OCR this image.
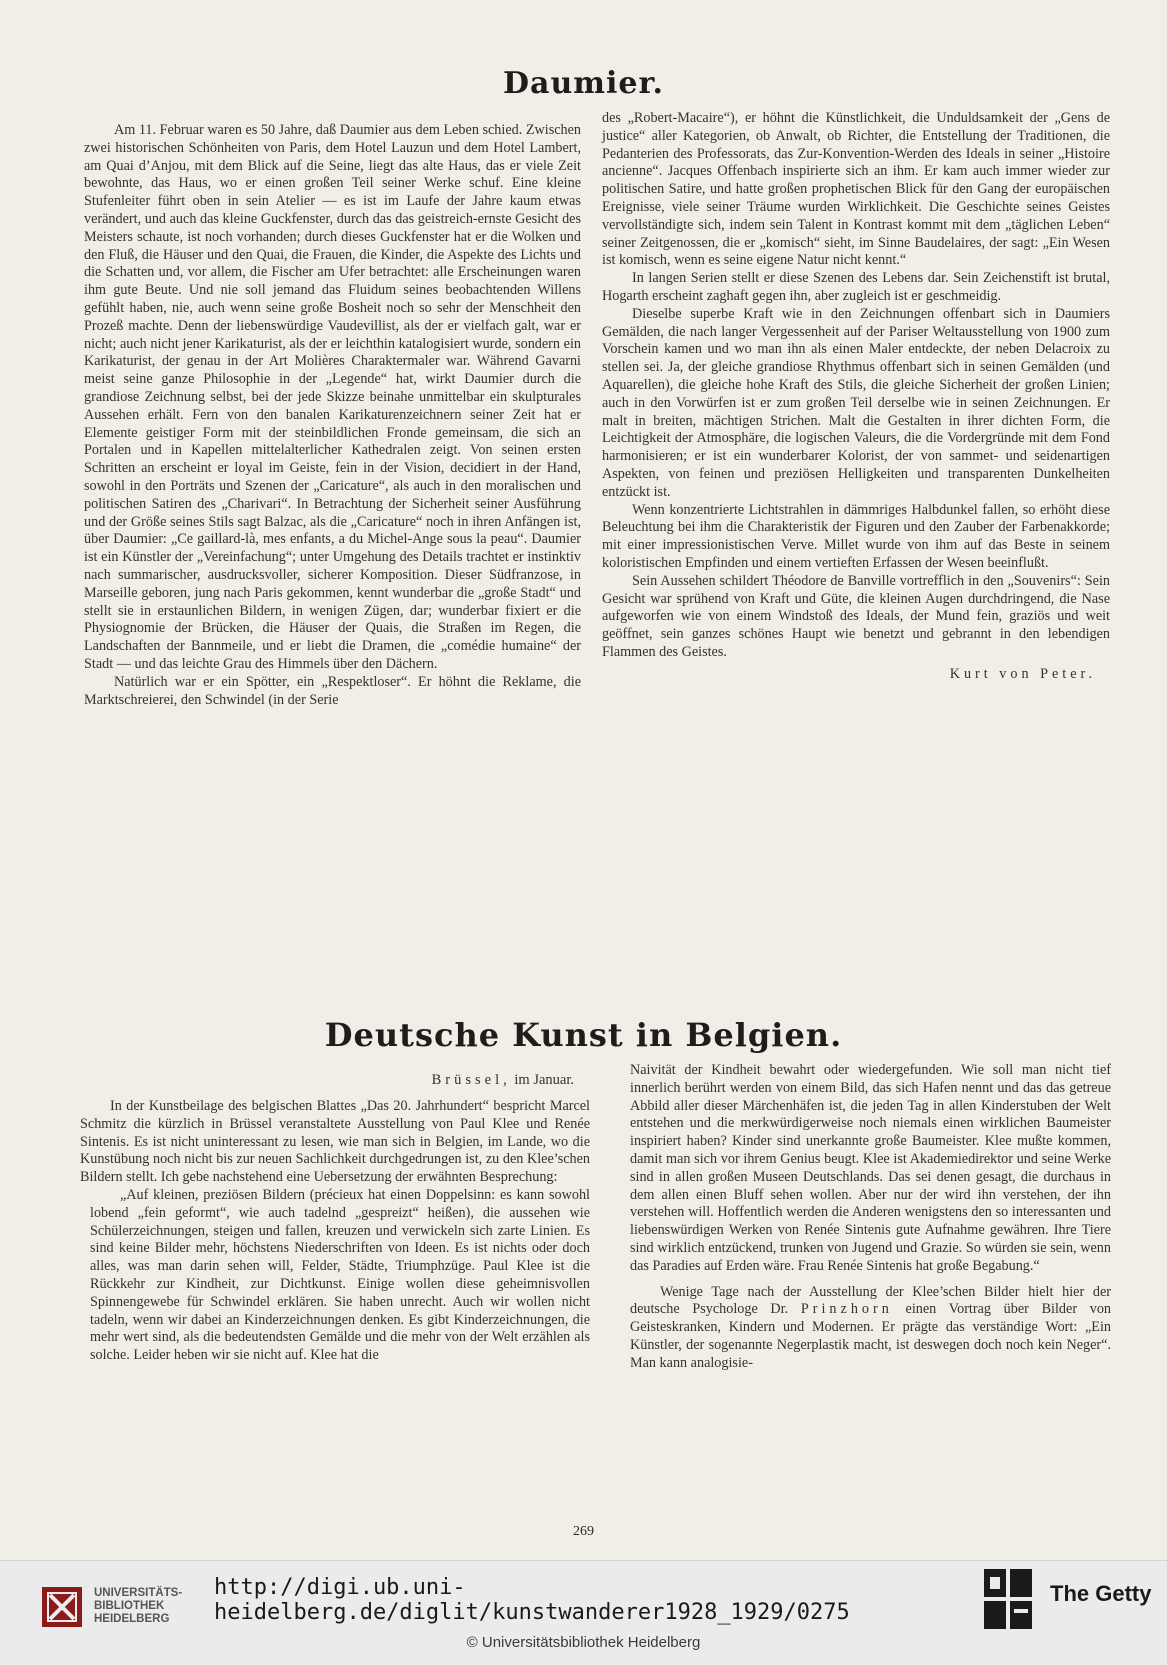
Daumier.

Am 11. Februar waren es 50 Jahre, daß Daumier aus dem Leben schied. Zwischen zwei historischen Schönheiten von Paris, dem Hotel Lauzun und dem Hotel Lambert, am Quai d’Anjou, mit dem Blick auf die Seine, liegt das alte Haus, das er viele Zeit bewohnte, das Haus, wo er einen großen Teil seiner Werke schuf. Eine kleine Stufenleiter führt oben in sein Atelier — es ist im Laufe der Jahre kaum etwas verändert, und auch das kleine Guckfenster, durch das das geistreich-ernste Gesicht des Meisters schaute, ist noch vorhanden; durch dieses Guckfenster hat er die Wolken und den Fluß, die Häuser und den Quai, die Frauen, die Kinder, die Aspekte des Lichts und die Schatten und, vor allem, die Fischer am Ufer betrachtet: alle Erscheinungen waren ihm gute Beute. Und nie soll jemand das Fluidum seines beobachtenden Willens gefühlt haben, nie, auch wenn seine große Bosheit noch so sehr der Menschheit den Prozeß machte. Denn der liebenswürdige Vaudevillist, als der er vielfach galt, war er nicht; auch nicht jener Karikaturist, als der er leichthin katalogisiert wurde, sondern ein Karikaturist, der genau in der Art Molières Charaktermaler war. Während Gavarni meist seine ganze Philosophie in der „Legende“ hat, wirkt Daumier durch die grandiose Zeichnung selbst, bei der jede Skizze beinahe unmittelbar ein skulpturales Aussehen erhält. Fern von den banalen Karikaturenzeichnern seiner Zeit hat er Elemente geistiger Form mit der steinbildlichen Fronde gemeinsam, die sich an Portalen und in Kapellen mittelalterlicher Kathedralen zeigt. Von seinen ersten Schritten an erscheint er loyal im Geiste, fein in der Vision, decidiert in der Hand, sowohl in den Porträts und Szenen der „Caricature“, als auch in den moralischen und politischen Satiren des „Charivari“. In Betrachtung der Sicherheit seiner Ausführung und der Größe seines Stils sagt Balzac, als die „Caricature“ noch in ihren Anfängen ist, über Daumier: „Ce gaillard-là, mes enfants, a du Michel-Ange sous la peau“. Daumier ist ein Künstler der „Vereinfachung“; unter Umgehung des Details trachtet er instinktiv nach summarischer, ausdrucksvoller, sicherer Komposition. Dieser Südfranzose, in Marseille geboren, jung nach Paris gekommen, kennt wunderbar die „große Stadt“ und stellt sie in erstaunlichen Bildern, in wenigen Zügen, dar; wunderbar fixiert er die Physiognomie der Brücken, die Häuser der Quais, die Straßen im Regen, die Landschaften der Bannmeile, und er liebt die Dramen, die „comédie humaine“ der Stadt — und das leichte Grau des Himmels über den Dächern.

Natürlich war er ein Spötter, ein „Respektloser“. Er höhnt die Reklame, die Marktschreierei, den Schwindel (in der Serie

des „Robert-Macaire“), er höhnt die Künstlichkeit, die Unduldsamkeit der „Gens de justice“ aller Kategorien, ob Anwalt, ob Richter, die Entstellung der Traditionen, die Pedanterien des Professorats, das Zur-Konvention-Werden des Ideals in seiner „Histoire ancienne“. Jacques Offenbach inspirierte sich an ihm. Er kam auch immer wieder zur politischen Satire, und hatte großen prophetischen Blick für den Gang der europäischen Ereignisse, viele seiner Träume wurden Wirklichkeit. Die Geschichte seines Geistes vervollständigte sich, indem sein Talent in Kontrast kommt mit dem „täglichen Leben“ seiner Zeitgenossen, die er „komisch“ sieht, im Sinne Baudelaires, der sagt: „Ein Wesen ist komisch, wenn es seine eigene Natur nicht kennt.“

In langen Serien stellt er diese Szenen des Lebens dar. Sein Zeichenstift ist brutal, Hogarth erscheint zaghaft gegen ihn, aber zugleich ist er geschmeidig.

Dieselbe superbe Kraft wie in den Zeichnungen offenbart sich in Daumiers Gemälden, die nach langer Vergessenheit auf der Pariser Weltausstellung von 1900 zum Vorschein kamen und wo man ihn als einen Maler entdeckte, der neben Delacroix zu stellen sei. Ja, der gleiche grandiose Rhythmus offenbart sich in seinen Gemälden (und Aquarellen), die gleiche hohe Kraft des Stils, die gleiche Sicherheit der großen Linien; auch in den Vorwürfen ist er zum großen Teil derselbe wie in seinen Zeichnungen. Er malt in breiten, mächtigen Strichen. Malt die Gestalten in ihrer dichten Form, die Leichtigkeit der Atmosphäre, die logischen Valeurs, die die Vordergründe mit dem Fond harmonisieren; er ist ein wunderbarer Kolorist, der von sammet- und seidenartigen Aspekten, von feinen und preziösen Helligkeiten und transparenten Dunkelheiten entzückt ist.

Wenn konzentrierte Lichtstrahlen in dämmriges Halbdunkel fallen, so erhöht diese Beleuchtung bei ihm die Charakteristik der Figuren und den Zauber der Farbenakkorde; mit einer impressionistischen Verve. Millet wurde von ihm auf das Beste in seinem koloristischen Empfinden und einem vertieften Erfassen der Wesen beeinflußt.

Sein Aussehen schildert Théodore de Banville vortrefflich in den „Souvenirs“: Sein Gesicht war sprühend von Kraft und Güte, die kleinen Augen durchdringend, die Nase aufgeworfen wie von einem Windstoß des Ideals, der Mund fein, graziös und weit geöffnet, sein ganzes schönes Haupt wie benetzt und gebrannt in den lebendigen Flammen des Geistes.

Kurt von Peter.
Deutsche Kunst in Belgien.
Brüssel, im Januar.

In der Kunstbeilage des belgischen Blattes „Das 20. Jahrhundert“ bespricht Marcel Schmitz die kürzlich in Brüssel veranstaltete Ausstellung von Paul Klee und Renée Sintenis. Es ist nicht uninteressant zu lesen, wie man sich in Belgien, im Lande, wo die Kunstübung noch nicht bis zur neuen Sachlichkeit durchgedrungen ist, zu den Klee’schen Bildern stellt. Ich gebe nachstehend eine Uebersetzung der erwähnten Besprechung:

„Auf kleinen, preziösen Bildern (précieux hat einen Doppelsinn: es kann sowohl lobend „fein geformt“, wie auch tadelnd „gespreizt“ heißen), die aussehen wie Schülerzeichnungen, steigen und fallen, kreuzen und verwickeln sich zarte Linien. Es sind keine Bilder mehr, höchstens Niederschriften von Ideen. Es ist nichts oder doch alles, was man darin sehen will, Felder, Städte, Triumphzüge. Paul Klee ist die Rückkehr zur Kindheit, zur Dichtkunst. Einige wollen diese geheimnisvollen Spinnengewebe für Schwindel erklären. Sie haben unrecht. Auch wir wollen nicht tadeln, wenn wir dabei an Kinderzeichnungen denken. Es gibt Kinderzeichnungen, die mehr wert sind, als die bedeutendsten Gemälde und die mehr von der Welt erzählen als solche. Leider heben wir sie nicht auf. Klee hat die

Naivität der Kindheit bewahrt oder wiedergefunden. Wie soll man nicht tief innerlich berührt werden von einem Bild, das sich Hafen nennt und das das getreue Abbild aller dieser Märchenhäfen ist, die jeden Tag in allen Kinderstuben der Welt entstehen und die merkwürdigerweise noch niemals einen wirklichen Baumeister inspiriert haben? Kinder sind unerkannte große Baumeister. Klee mußte kommen, damit man sich vor ihrem Genius beugt. Klee ist Akademiedirektor und seine Werke sind in allen großen Museen Deutschlands. Das sei denen gesagt, die durchaus in dem allen einen Bluff sehen wollen. Aber nur der wird ihn verstehen, der ihn verstehen will. Hoffentlich werden die Anderen wenigstens den so interessanten und liebenswürdigen Werken von Renée Sintenis gute Aufnahme gewähren. Ihre Tiere sind wirklich entzückend, trunken von Jugend und Grazie. So würden sie sein, wenn das Paradies auf Erden wäre. Frau Renée Sintenis hat große Begabung.“

Wenige Tage nach der Ausstellung der Klee’schen Bilder hielt hier der deutsche Psychologe Dr. Prinzhorn einen Vortrag über Bilder von Geisteskranken, Kindern und Modernen. Er prägte das verständige Wort: „Ein Künstler, der sogenannte Negerplastik macht, ist deswegen doch noch kein Neger“. Man kann analogisie-

269
UNIVERSITÄTS-
BIBLIOTHEK
HEIDELBERG
http://digi.ub.uni-heidelberg.de/diglit/kunstwanderer1928_1929/0275
© Universitätsbibliothek Heidelberg
The Getty
